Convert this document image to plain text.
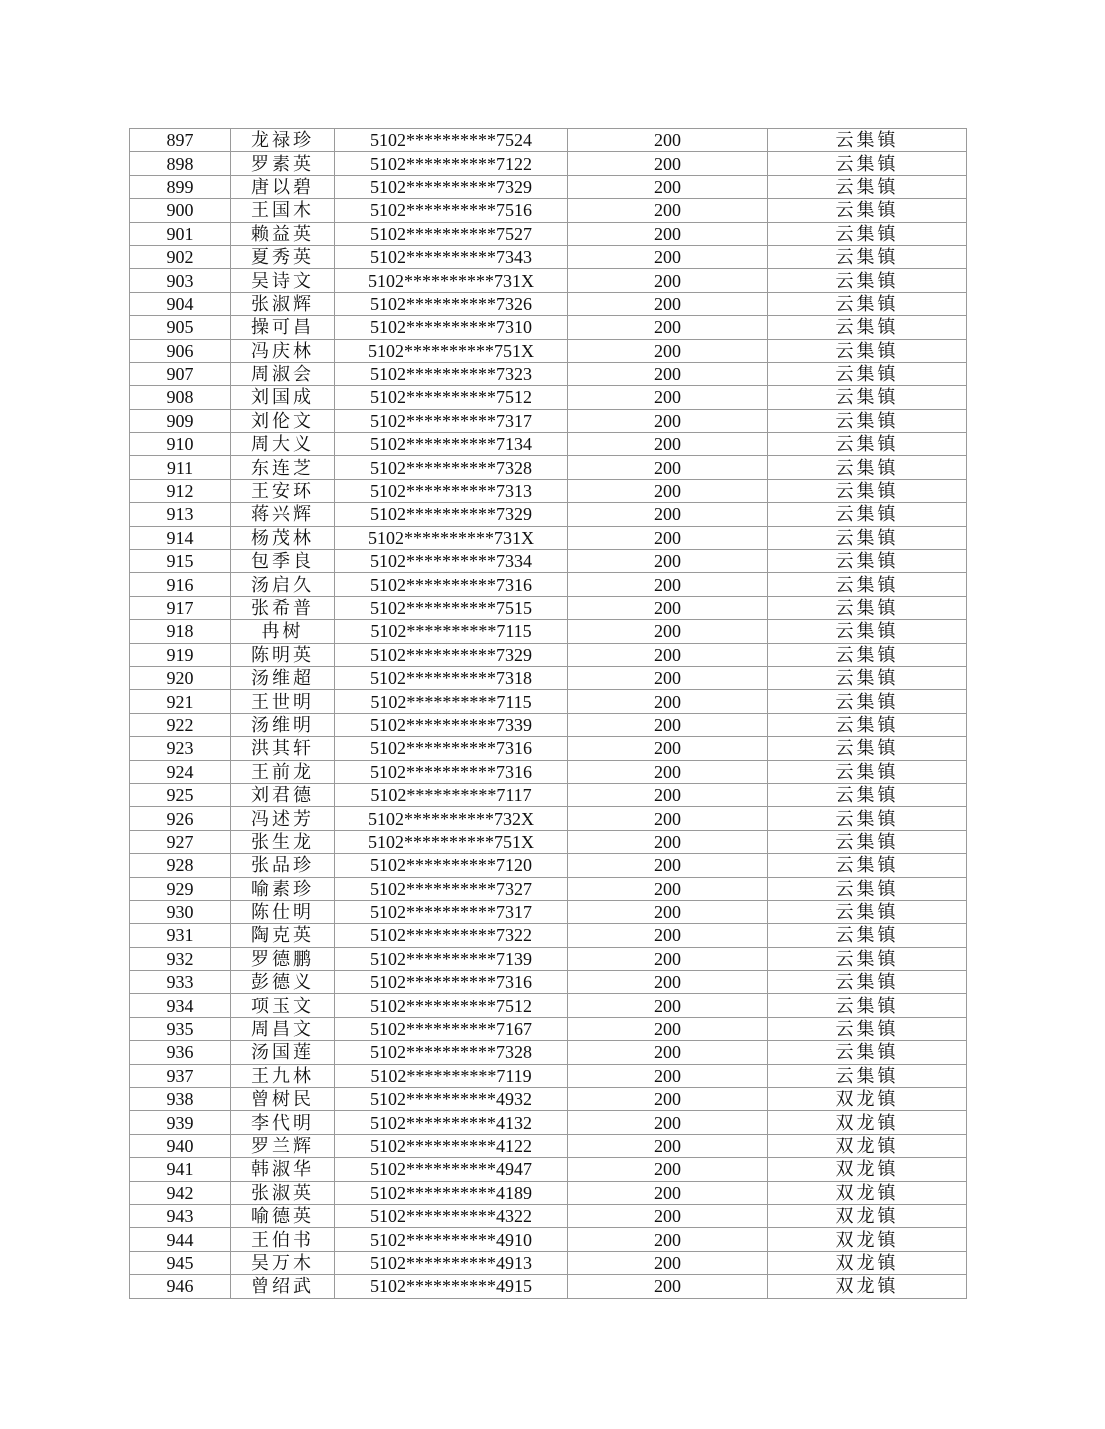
897	龙禄珍	5102**********7524	200	云集镇
898	罗素英	5102**********7122	200	云集镇
899	唐以碧	5102**********7329	200	云集镇
900	王国木	5102**********7516	200	云集镇
901	赖益英	5102**********7527	200	云集镇
902	夏秀英	5102**********7343	200	云集镇
903	吴诗文	5102**********731X	200	云集镇
904	张淑辉	5102**********7326	200	云集镇
905	操可昌	5102**********7310	200	云集镇
906	冯庆林	5102**********751X	200	云集镇
907	周淑会	5102**********7323	200	云集镇
908	刘国成	5102**********7512	200	云集镇
909	刘伦文	5102**********7317	200	云集镇
910	周大义	5102**********7134	200	云集镇
911	东连芝	5102**********7328	200	云集镇
912	王安环	5102**********7313	200	云集镇
913	蒋兴辉	5102**********7329	200	云集镇
914	杨茂林	5102**********731X	200	云集镇
915	包季良	5102**********7334	200	云集镇
916	汤启久	5102**********7316	200	云集镇
917	张希普	5102**********7515	200	云集镇
918	冉树	5102**********7115	200	云集镇
919	陈明英	5102**********7329	200	云集镇
920	汤维超	5102**********7318	200	云集镇
921	王世明	5102**********7115	200	云集镇
922	汤维明	5102**********7339	200	云集镇
923	洪其轩	5102**********7316	200	云集镇
924	王前龙	5102**********7316	200	云集镇
925	刘君德	5102**********7117	200	云集镇
926	冯述芳	5102**********732X	200	云集镇
927	张生龙	5102**********751X	200	云集镇
928	张品珍	5102**********7120	200	云集镇
929	喻素珍	5102**********7327	200	云集镇
930	陈仕明	5102**********7317	200	云集镇
931	陶克英	5102**********7322	200	云集镇
932	罗德鹏	5102**********7139	200	云集镇
933	彭德义	5102**********7316	200	云集镇
934	项玉文	5102**********7512	200	云集镇
935	周昌文	5102**********7167	200	云集镇
936	汤国莲	5102**********7328	200	云集镇
937	王九林	5102**********7119	200	云集镇
938	曾树民	5102**********4932	200	双龙镇
939	李代明	5102**********4132	200	双龙镇
940	罗兰辉	5102**********4122	200	双龙镇
941	韩淑华	5102**********4947	200	双龙镇
942	张淑英	5102**********4189	200	双龙镇
943	喻德英	5102**********4322	200	双龙镇
944	王伯书	5102**********4910	200	双龙镇
945	吴万木	5102**********4913	200	双龙镇
946	曾绍武	5102**********4915	200	双龙镇
